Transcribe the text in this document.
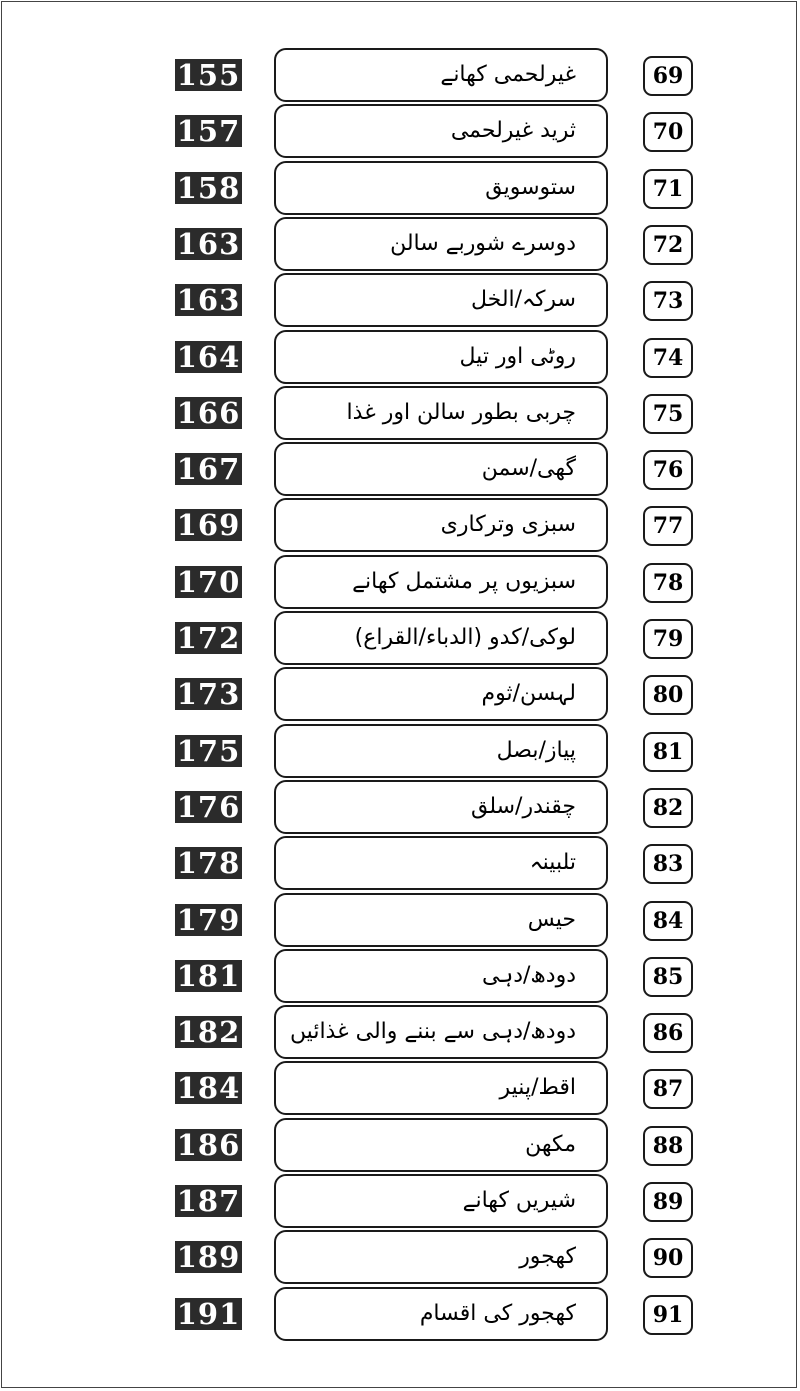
155	غیرلحمی کھانے	69
157	ثرید غیرلحمی	70
158	ستوسویق	71
163	دوسرے شوربے سالن	72
163	سرکہ/الخل	73
164	روٹی اور تیل	74
166	چربی بطور سالن اور غذا	75
167	گھی/سمن	76
169	سبزی وترکاری	77
170	سبزیوں پر مشتمل کھانے	78
172	لوکی/کدو (الدباء/القراع)	79
173	لہسن/ثوم	80
175	پیاز/بصل	81
176	چقندر/سلق	82
178	تلبینہ	83
179	حیس	84
181	دودھ/دہی	85
182	دودھ/دہی سے بننے والی غذائیں	86
184	اقط/پنیر	87
186	مکھن	88
187	شیریں کھانے	89
189	کھجور	90
191	کھجور کی اقسام	91
